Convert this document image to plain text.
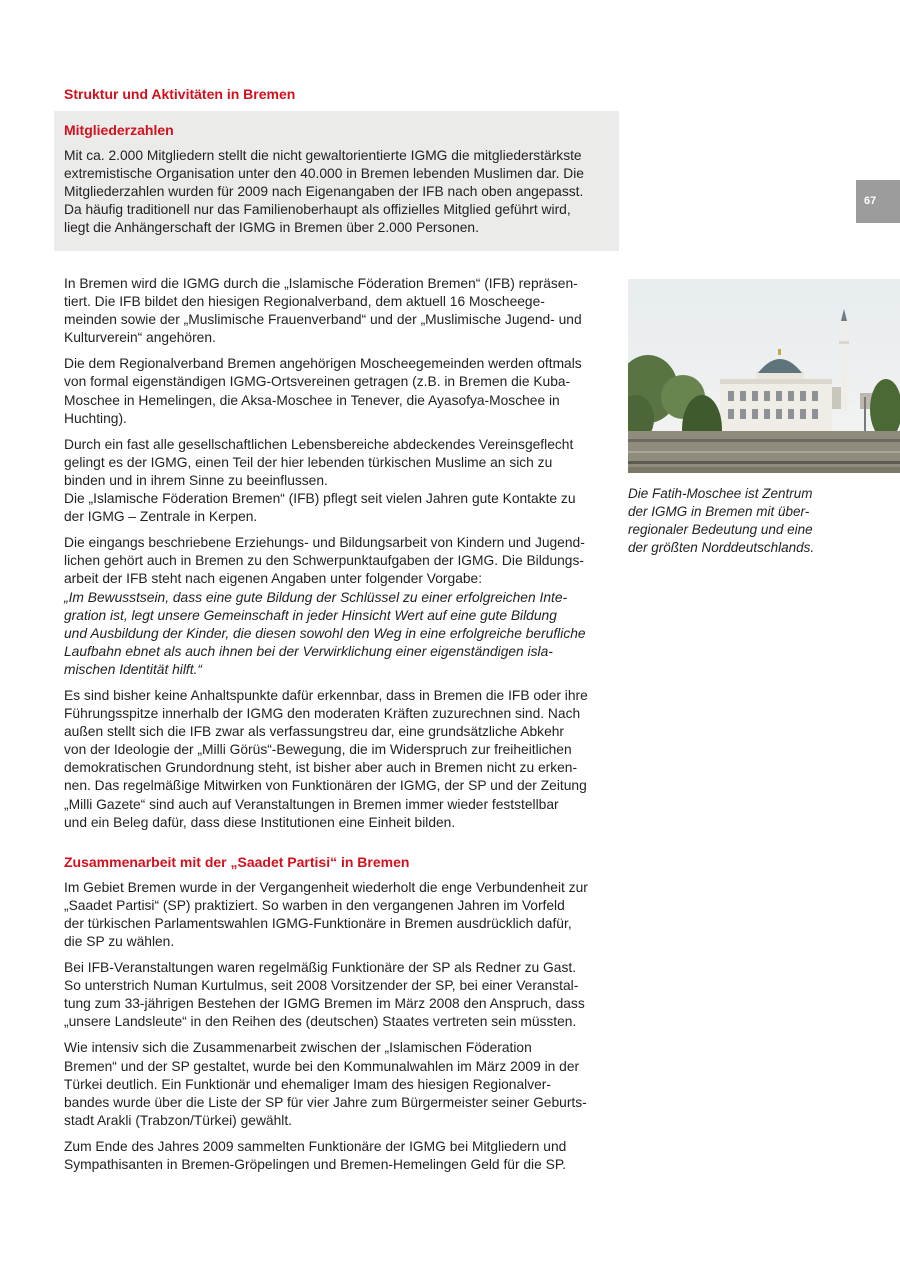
Struktur und Aktivitäten in Bremen
Mitgliederzahlen

Mit ca. 2.000 Mitgliedern stellt die nicht gewaltorientierte IGMG die mitgliederstärkste

extremistische Organisation unter den 40.000 in Bremen lebenden Muslimen dar. Die

Mitgliederzahlen wurden für 2009 nach Eigenangaben der IFB nach oben angepasst.

Da häufig traditionell nur das Familienoberhaupt als offizielles Mitglied geführt wird,

liegt die Anhängerschaft der IGMG in Bremen über 2.000 Personen.

67
In Bremen wird die IGMG durch die „Islamische Föderation Bremen“ (IFB) repräsen-
tiert. Die IFB bildet den hiesigen Regionalverband, dem aktuell 16 Moscheege-
meinden sowie der „Muslimische Frauenverband“ und der „Muslimische Jugend- und
Kulturverein“ angehören.
Die dem Regionalverband Bremen angehörigen Moscheegemeinden werden oftmals
von formal eigenständigen IGMG-Ortsvereinen getragen (z.B. in Bremen die Kuba-
Moschee in Hemelingen, die Aksa-Moschee in Tenever, die Ayasofya-Moschee in
Huchting).
Durch ein fast alle gesellschaftlichen Lebensbereiche abdeckendes Vereinsgeflecht
gelingt es der IGMG, einen Teil der hier lebenden türkischen Muslime an sich zu
binden und in ihrem Sinne zu beeinflussen.
Die „Islamische Föderation Bremen“ (IFB) pflegt seit vielen Jahren gute Kontakte zu
der IGMG – Zentrale in Kerpen.
Die eingangs beschriebene Erziehungs- und Bildungsarbeit von Kindern und Jugend-
lichen gehört auch in Bremen zu den Schwerpunktaufgaben der IGMG. Die Bildungs-
arbeit der IFB steht nach eigenen Angaben unter folgender Vorgabe:
„Im Bewusstsein, dass eine gute Bildung der Schlüssel zu einer erfolgreichen Inte-
gration ist, legt unsere Gemeinschaft in jeder Hinsicht Wert auf eine gute Bildung
und Ausbildung der Kinder, die diesen sowohl den Weg in eine erfolgreiche berufliche
Laufbahn ebnet als auch ihnen bei der Verwirklichung einer eigenständigen isla-
mischen Identität hilft.“
Es sind bisher keine Anhaltspunkte dafür erkennbar, dass in Bremen die IFB oder ihre
Führungsspitze innerhalb der IGMG den moderaten Kräften zuzurechnen sind. Nach
außen stellt sich die IFB zwar als verfassungstreu dar, eine grundsätzliche Abkehr
von der Ideologie der „Milli Görüs“-Bewegung, die im Widerspruch zur freiheitlichen
demokratischen Grundordnung steht, ist bisher aber auch in Bremen nicht zu erken-
nen. Das regelmäßige Mitwirken von Funktionären der IGMG, der SP und der Zeitung
„Milli Gazete“ sind auch auf Veranstaltungen in Bremen immer wieder feststellbar
und ein Beleg dafür, dass diese Institutionen eine Einheit bilden.
Zusammenarbeit mit der „Saadet Partisi“ in Bremen
Im Gebiet Bremen wurde in der Vergangenheit wiederholt die enge Verbundenheit zur
„Saadet Partisi“ (SP) praktiziert. So warben in den vergangenen Jahren im Vorfeld
der türkischen Parlamentswahlen IGMG-Funktionäre in Bremen ausdrücklich dafür,
die SP zu wählen.
Bei IFB-Veranstaltungen waren regelmäßig Funktionäre der SP als Redner zu Gast.
So unterstrich Numan Kurtulmus, seit 2008 Vorsitzender der SP, bei einer Veranstal-
tung zum 33-jährigen Bestehen der IGMG Bremen im März 2008 den Anspruch, dass
„unsere Landsleute“ in den Reihen des (deutschen) Staates vertreten sein müssten.
Wie intensiv sich die Zusammenarbeit zwischen der „Islamischen Föderation
Bremen“ und der SP gestaltet, wurde bei den Kommunalwahlen im März 2009 in der
Türkei deutlich. Ein Funktionär und ehemaliger Imam des hiesigen Regionalver-
bandes wurde über die Liste der SP für vier Jahre zum Bürgermeister seiner Geburts-
stadt Arakli (Trabzon/Türkei) gewählt.
Zum Ende des Jahres 2009 sammelten Funktionäre der IGMG bei Mitgliedern und
Sympathisanten in Bremen-Gröpelingen und Bremen-Hemelingen Geld für die SP.
Die Fatih-Moschee ist Zentrum
der IGMG in Bremen mit über-
regionaler Bedeutung und eine
der größten Norddeutschlands.
